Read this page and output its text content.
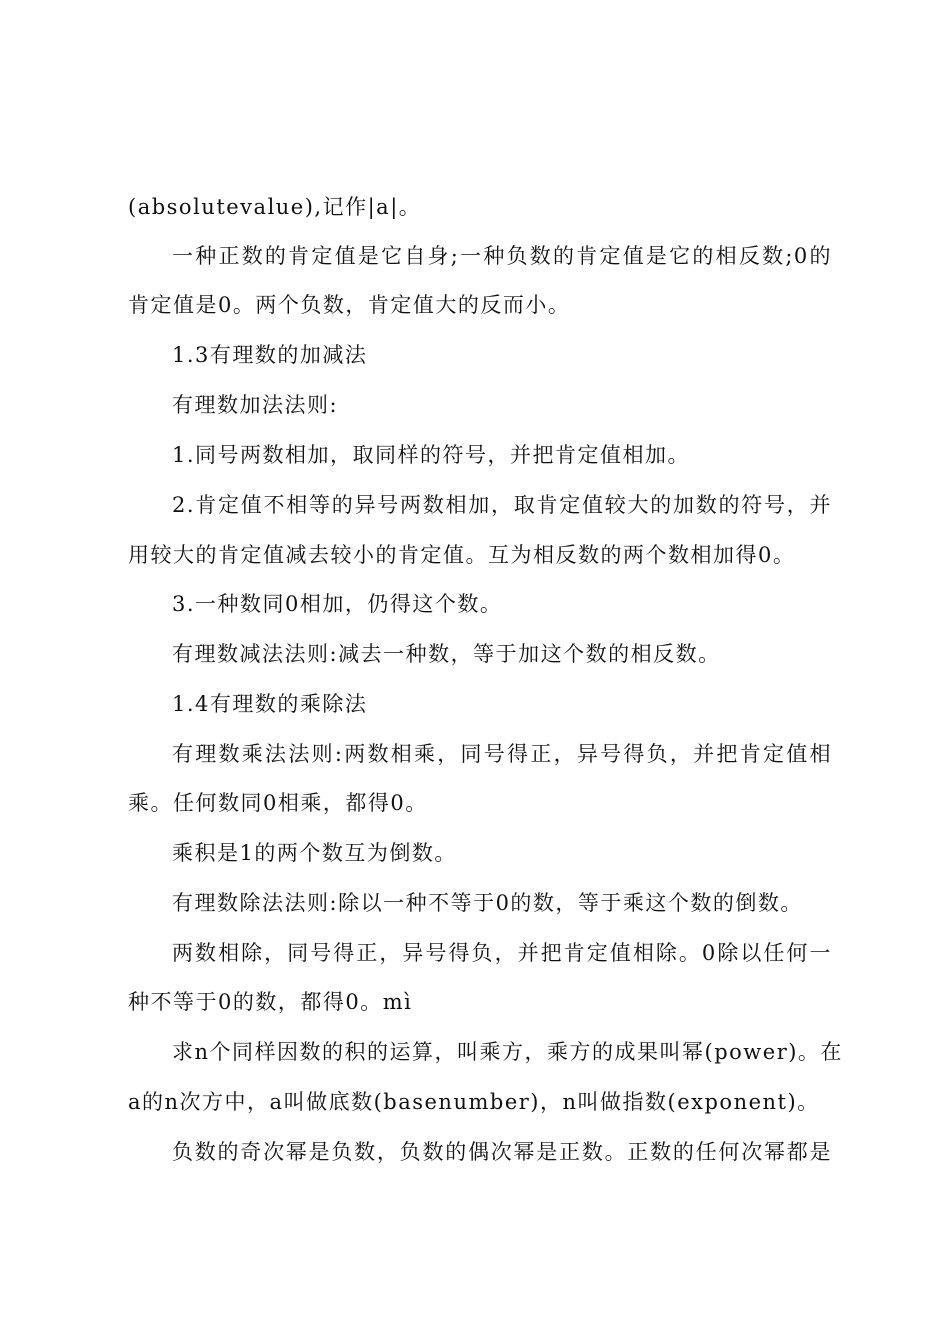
(absolutevalue),记作|a|。
一种正数的肯定值是它自身;一种负数的肯定值是它的相反数;0的
肯定值是0。两个负数，肯定值大的反而小。
1.3有理数的加减法
有理数加法法则:
1.同号两数相加，取同样的符号，并把肯定值相加。
2.肯定值不相等的异号两数相加，取肯定值较大的加数的符号，并
用较大的肯定值减去较小的肯定值。互为相反数的两个数相加得0。
3.一种数同0相加，仍得这个数。
有理数减法法则:减去一种数，等于加这个数的相反数。
1.4有理数的乘除法
有理数乘法法则:两数相乘，同号得正，异号得负，并把肯定值相
乘。任何数同0相乘，都得0。
乘积是1的两个数互为倒数。
有理数除法法则:除以一种不等于0的数，等于乘这个数的倒数。
两数相除，同号得正，异号得负，并把肯定值相除。0除以任何一
种不等于0的数，都得0。mì
求n个同样因数的积的运算，叫乘方，乘方的成果叫幂(power)。在
a的n次方中，a叫做底数(basenumber)，n叫做指数(exponent)。
负数的奇次幂是负数，负数的偶次幂是正数。正数的任何次幂都是
